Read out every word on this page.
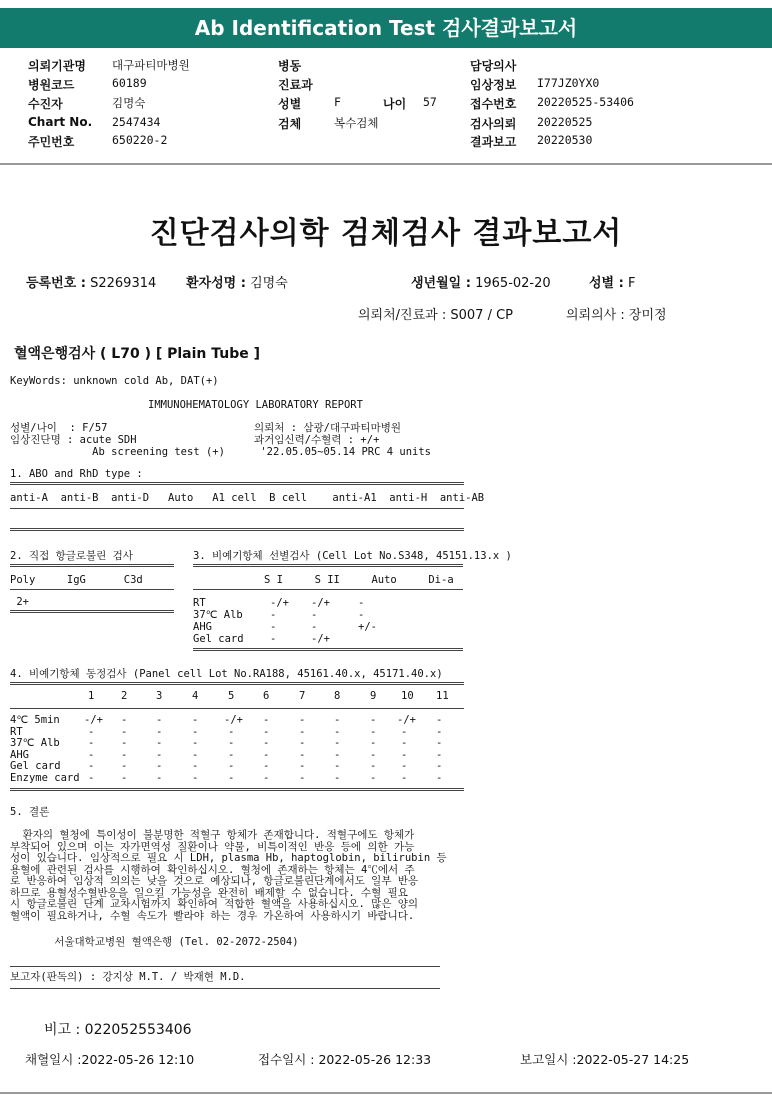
Ab Identification Test 검사결과보고서
의뢰기관명 대구파티마병원
병원코드	60189
수진자	김명숙
Chart No. 2547434
주민번호	650220-2
병동
진료과
성별	F	나이 57
검체	복수검체
담당의사
임상정보 I77JZ0YX0
접수번호 20220525-53406
검사의뢰 20220525
결과보고 20220530
진단검사의학 검체검사 결과보고서
등록번호 : S2269314 환자성명 : 김명숙	생년월일 : 1965-02-20	성별 : F
의뢰처/진료과 : S007 / CP	의뢰의사 : 장미정
혈액은행검사 ( L70 ) [ Plain Tube ]
KeyWords: unknown cold Ab, DAT(+)
IMMUNOHEMATOLOGY LABORATORY REPORT
성별/나이  : F/57
임상진단명 : acute SDH
Ab screening test (+)
의뢰처 : 삼광/대구파티마병원
과거임신력/수혈력 : +/+
'22.05.05~05.14 PRC 4 units
1. ABO and RhD type :
anti-A  anti-B  anti-D   Auto   A1 cell  B cell    anti-A1  anti-H  anti-AB
2. 직접 항글로불린 검사
Poly     IgG      C3d
2+
3. 비예기항체 선별검사 (Cell Lot No.S348, 45151.13.x )
S I     S II     Auto     Di-a
RT	-/+ -/+	-
37℃ Alb	-	-	-
AHG	-	-	+/-
Gel card	-	-/+
4. 비예기항체 동정검사 (Panel cell Lot No.RA188, 45161.40.x, 45171.40.x)
1	2	3	4	5	6	7	8	9 10 11
4℃ 5min -/+ -	-	- -/+ -	-	-	- -/+ -
RT	-	-	-	-	-	-	-	-	- -	-
37℃ Alb	-	-	-	-	-	-	-	-	- -	-
AHG	-	-	-	-	-	-	-	-	- -	-
Gel card	-	-	-	-	-	-	-	-	- -	-
Enzyme card -	-	-	-	-	-	-	-	- -	-
5. 결론
환자의 혈청에 특이성이 불분명한 적혈구 항체가 존재합니다. 적혈구에도 항체가
부착되어 있으며 이는 자가면역성 질환이나 약물, 비특이적인 반응 등에 의한 가능
성이 있습니다. 임상적으로 필요 시 LDH, plasma Hb, haptoglobin, bilirubin 등
용혈에 관련된 검사를 시행하여 확인하십시오. 혈청에 존재하는 항체는 4℃에서 주
로 반응하여 임상적 의의는 낮을 것으로 예상되나, 항글로불린단계에서도 일부 반응
하므로 용혈성수혈반응을 일으킬 가능성을 완전히 배제할 수 없습니다. 수혈 필요
시 항글로불린 단계 교차시험까지 확인하여 적합한 혈액을 사용하십시오. 많은 양의
혈액이 필요하거나, 수혈 속도가 빨라야 하는 경우 가온하여 사용하시기 바랍니다.
서울대학교병원 혈액은행 (Tel. 02-2072-2504)
보고자(판독의) : 강지상 M.T. / 박재현 M.D.
비고 : 022052553406
채혈일시 :2022-05-26 12:10	접수일시 : 2022-05-26 12:33	보고일시 :2022-05-27 14:25
